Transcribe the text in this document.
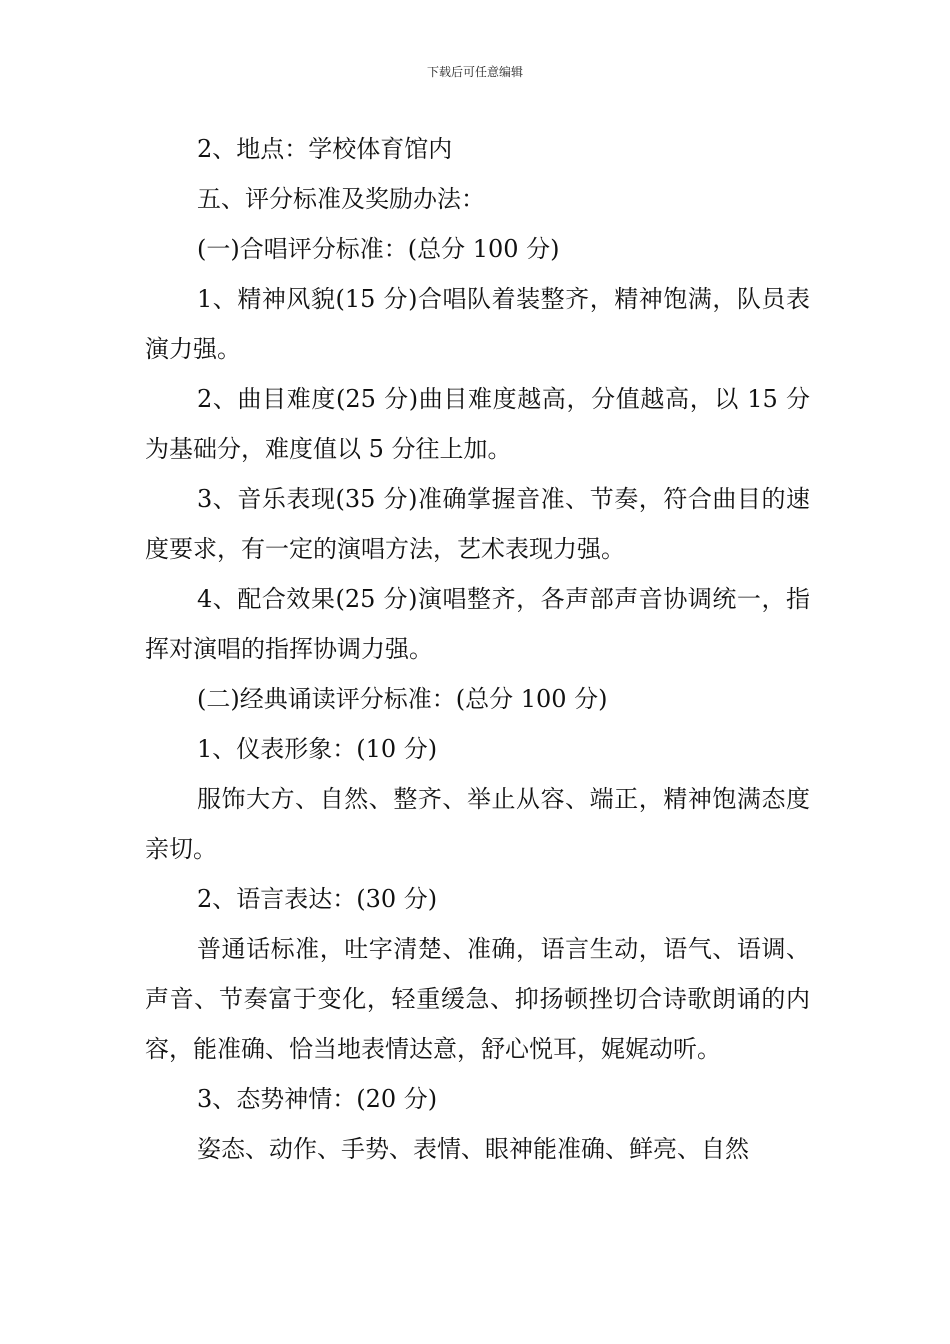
下载后可任意编辑

2、地点：学校体育馆内

五、评分标准及奖励办法：

(一)合唱评分标准：(总分 100 分)

1、精神风貌(15 分)合唱队着装整齐，精神饱满，队员表演力强。

2、曲目难度(25 分)曲目难度越高，分值越高，以 15 分为基础分，难度值以 5 分往上加。

3、音乐表现(35 分)准确掌握音准、节奏，符合曲目的速度要求，有一定的演唱方法，艺术表现力强。

4、配合效果(25 分)演唱整齐，各声部声音协调统一，指挥对演唱的指挥协调力强。

(二)经典诵读评分标准：(总分 100 分)

1、仪表形象：(10 分)

服饰大方、自然、整齐、举止从容、端正，精神饱满态度亲切。

2、语言表达：(30 分)

普通话标准，吐字清楚、准确，语言生动，语气、语调、声音、节奏富于变化，轻重缓急、抑扬顿挫切合诗歌朗诵的内容，能准确、恰当地表情达意，舒心悦耳，娓娓动听。

3、态势神情：(20 分)

姿态、动作、手势、表情、眼神能准确、鲜亮、自然
